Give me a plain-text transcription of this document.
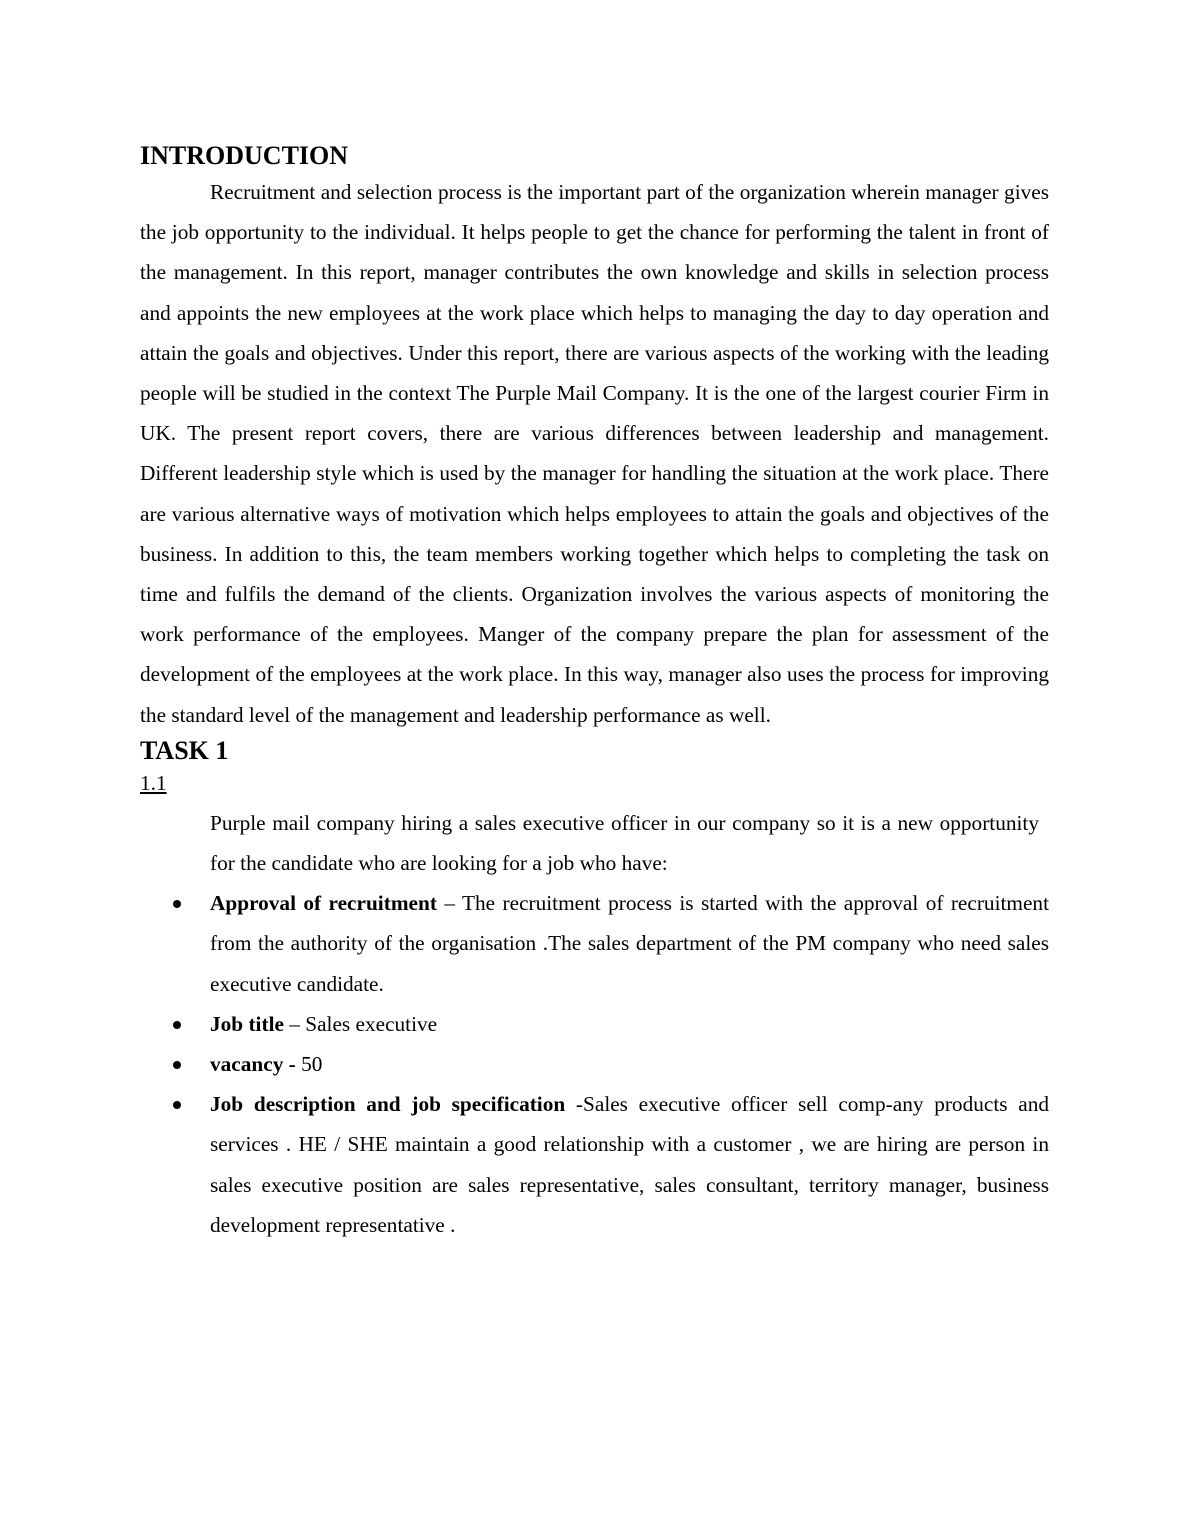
INTRODUCTION

Recruitment and selection process is the important part of the organization wherein manager gives the job opportunity to the individual. It helps people to get the chance for performing the talent in front of the management. In this report, manager contributes the own knowledge and skills in selection process and appoints the new employees at the work place which helps to managing the day to day operation and attain the goals and objectives. Under this report, there are various aspects of the working with the leading people will be studied in the context The Purple Mail Company. It is the one of the largest courier Firm in UK. The present report covers, there are various differences between leadership and management. Different leadership style which is used by the manager for handling the situation at the work place. There are various alternative ways of motivation which helps employees to attain the goals and objectives of the business. In addition to this, the team members working together which helps to completing the task on time and fulfils the demand of the clients. Organization involves the various aspects of monitoring the work performance of the employees. Manger of the company prepare the plan for assessment of the development of the employees at the work place. In this way, manager also uses the process for improving the standard level of the management and leadership performance as well.

TASK 1
1.1

Purple mail company hiring a sales executive officer in our company so it is a new opportunity for the candidate who are looking for a job who have:

Approval of recruitment – The recruitment process is started with the approval of recruitment from the authority of the organisation .The sales department of the PM company who need sales executive candidate.
Job title – Sales executive
vacancy - 50
Job description and job specification -Sales executive officer sell comp-any products and services . HE / SHE maintain a good relationship with a customer , we are hiring are person in sales executive position are sales representative, sales consultant, territory manager, business development representative .
